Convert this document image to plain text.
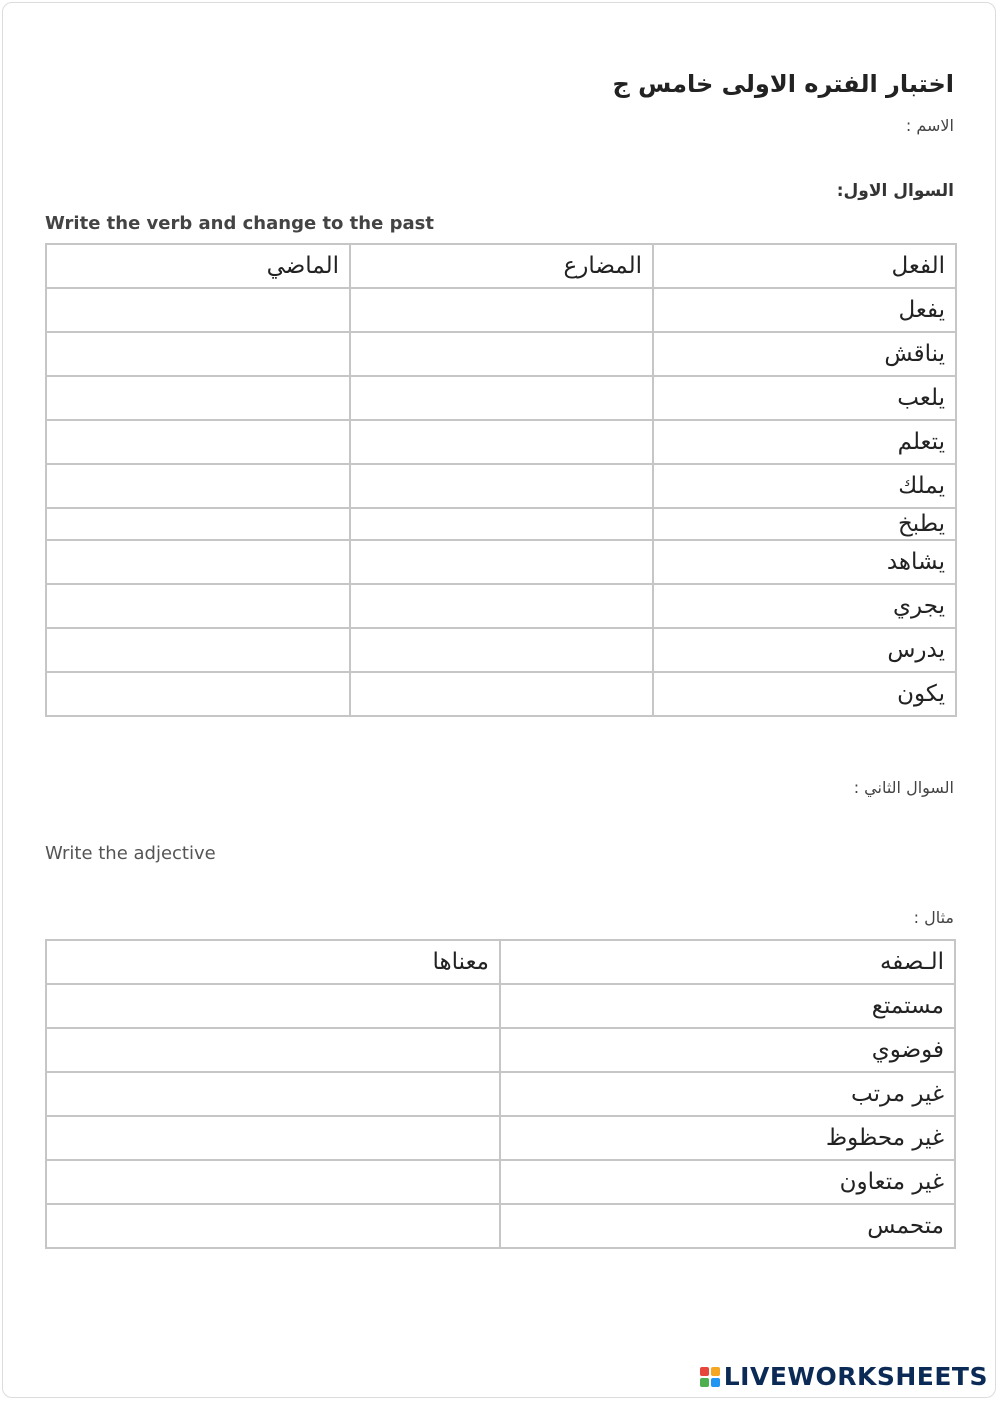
اختبار الفتره الاولى خامس ج
الاسم :
السوال الاول:
Write the verb and change to the past
الفعل	المضارع	الماضي
يفعل		
يناقش		
يلعب		
يتعلم		
يملك		
يطبخ		
يشاهد		
يجري		
يدرس		
يكون		
السوال الثاني :
Write the adjective
مثال :
الـصفه	معناها
مستمتع	
فوضوي	
غير مرتب	
غير محظوظ	
غير متعاون	
متحمس	
LIVEWORKSHEETS
